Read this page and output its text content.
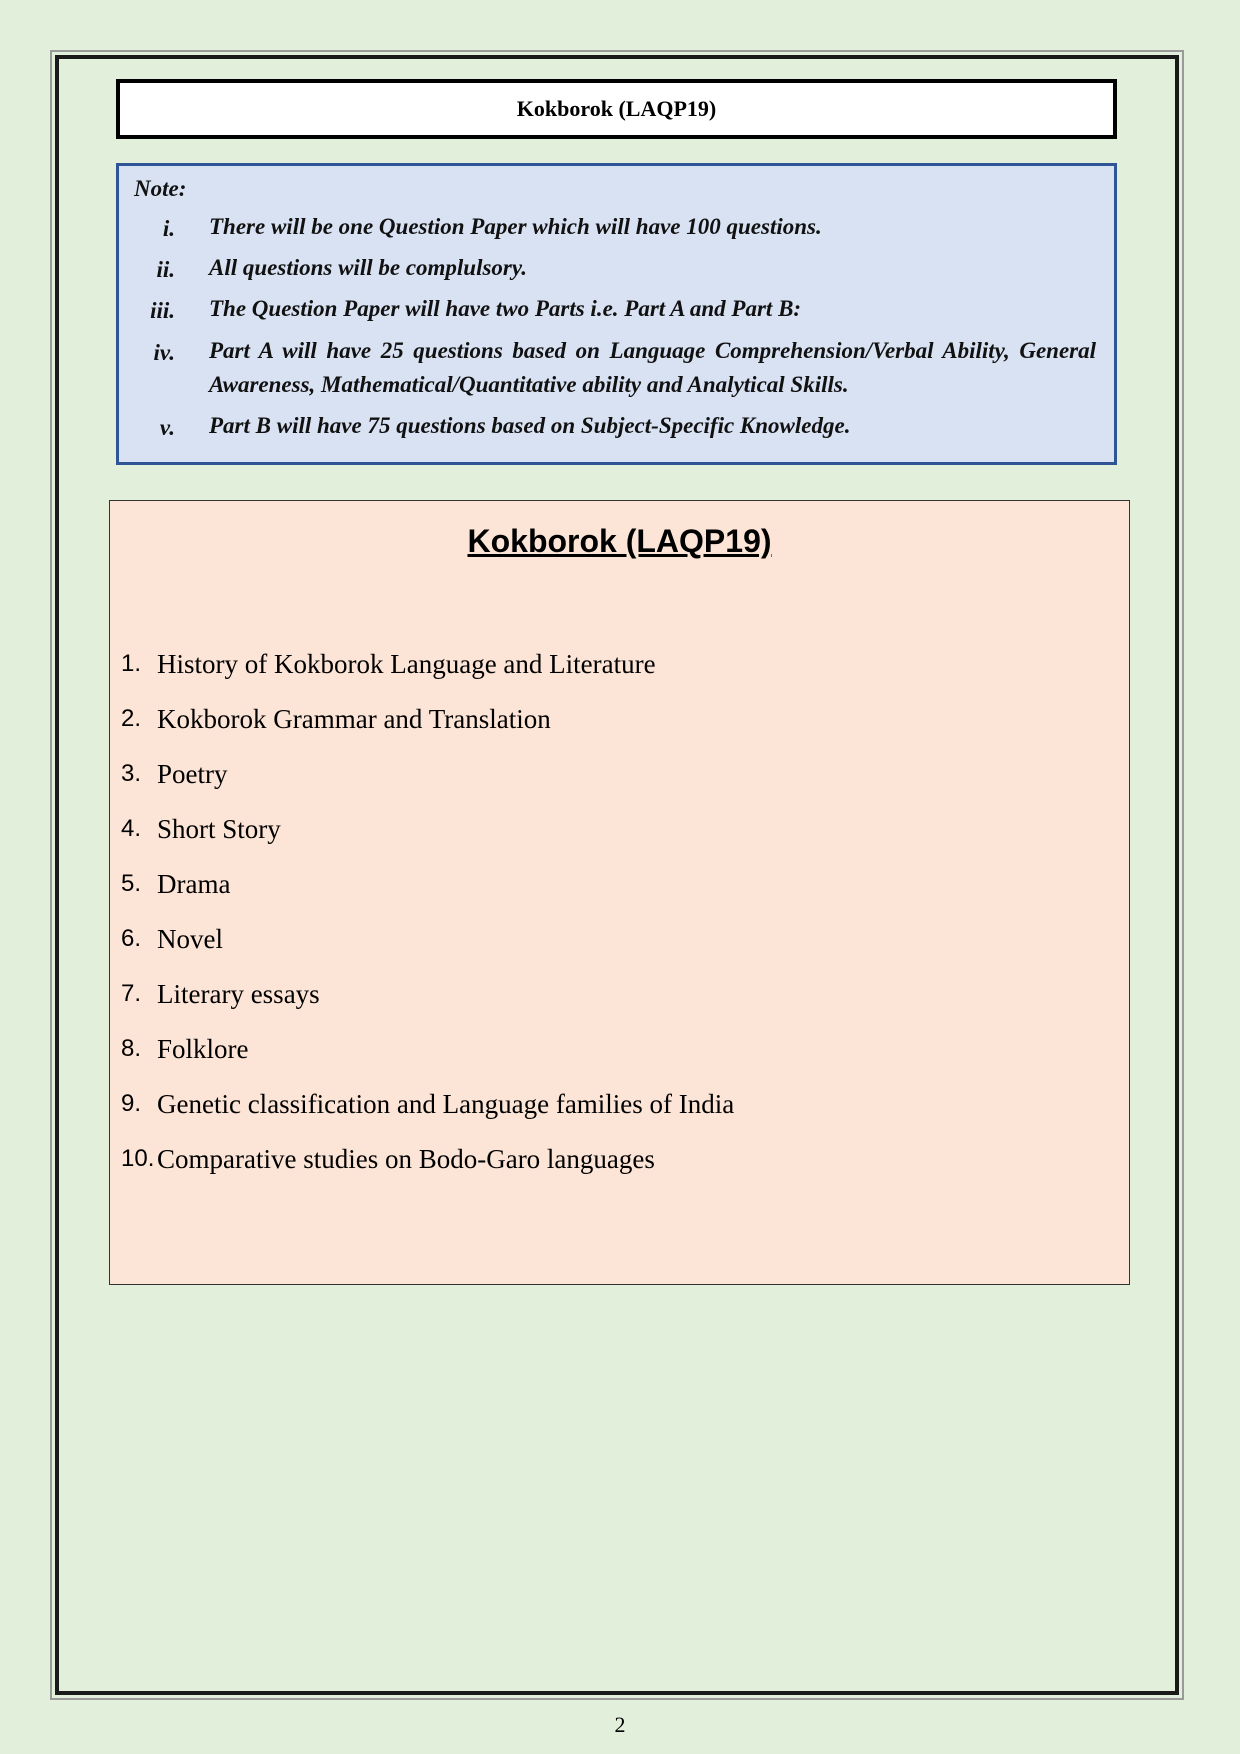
Kokborok (LAQP19)
Note:
i. There will be one Question Paper which will have 100 questions.
ii. All questions will be complulsory.
iii. The Question Paper will have two Parts i.e. Part A and Part B:
iv. Part A will have 25 questions based on Language Comprehension/Verbal Ability, General Awareness, Mathematical/Quantitative ability and Analytical Skills.
v. Part B will have 75 questions based on Subject-Specific Knowledge.
Kokborok (LAQP19)
1. History of Kokborok Language and Literature
2. Kokborok Grammar and Translation
3. Poetry
4. Short Story
5. Drama
6. Novel
7. Literary essays
8. Folklore
9. Genetic classification and Language families of India
10. Comparative studies on Bodo-Garo languages
2
